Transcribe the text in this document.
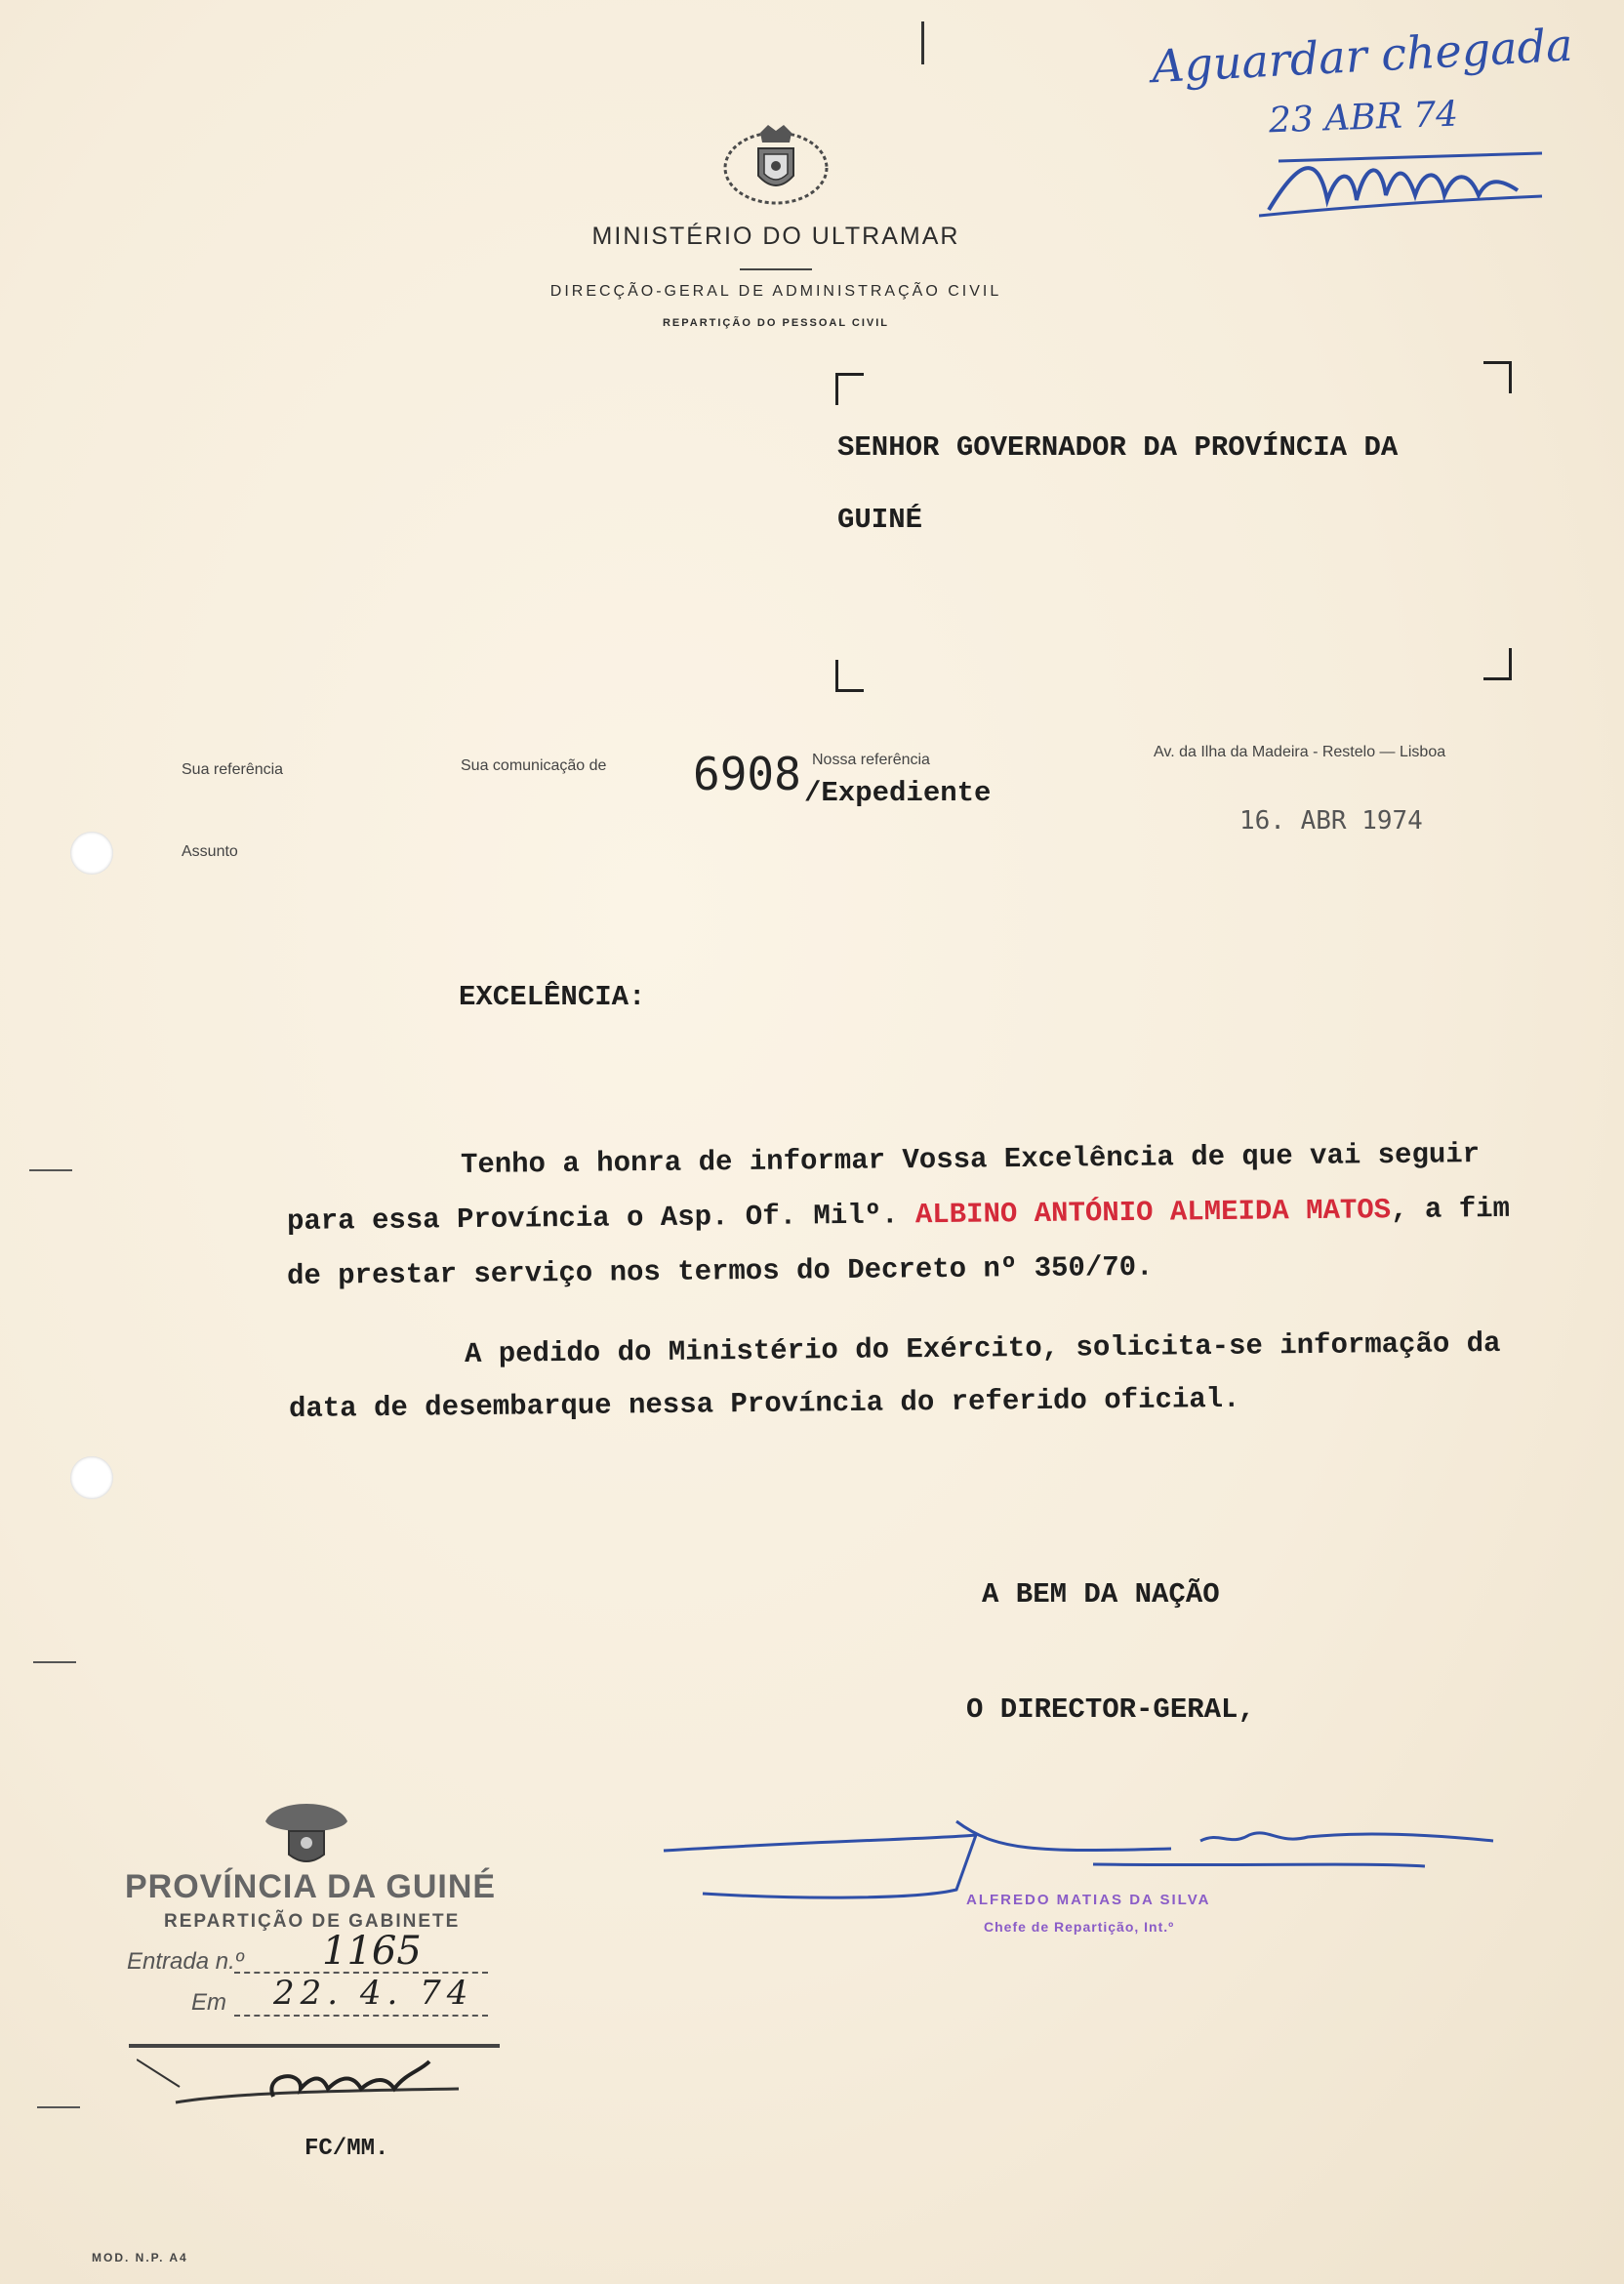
Aguardar chegada
23 ABR 74
MINISTÉRIO DO ULTRAMAR
DIRECÇÃO-GERAL DE ADMINISTRAÇÃO CIVIL
REPARTIÇÃO DO PESSOAL CIVIL
SENHOR GOVERNADOR DA PROVÍNCIA DA
GUINÉ
Sua referência	Sua comunicação de 6908 Nossa referência
/Expediente
Av. da Ilha da Madeira - Restelo — Lisboa
16. ABR 1974
Assunto
EXCELÊNCIA:
Tenho a honra de informar Vossa Excelência de que vai seguir
para essa Província o Asp. Of. Milº. ALBINO ANTÓNIO ALMEIDA MATOS, a fim
de prestar serviço nos termos do Decreto nº 350/70.
A pedido do Ministério do Exército, solicita-se informação da
data de desembarque nessa Província do referido oficial.
A BEM DA NAÇÃO
O DIRECTOR-GERAL,
ALFREDO MATIAS DA SILVA
Chefe de Repartição, Int.º
PROVÍNCIA DA GUINÉ
REPARTIÇÃO DE GABINETE
Entrada n.º 1165
Em 22. 4. 74
FC/MM.
MOD. N.P. A4
